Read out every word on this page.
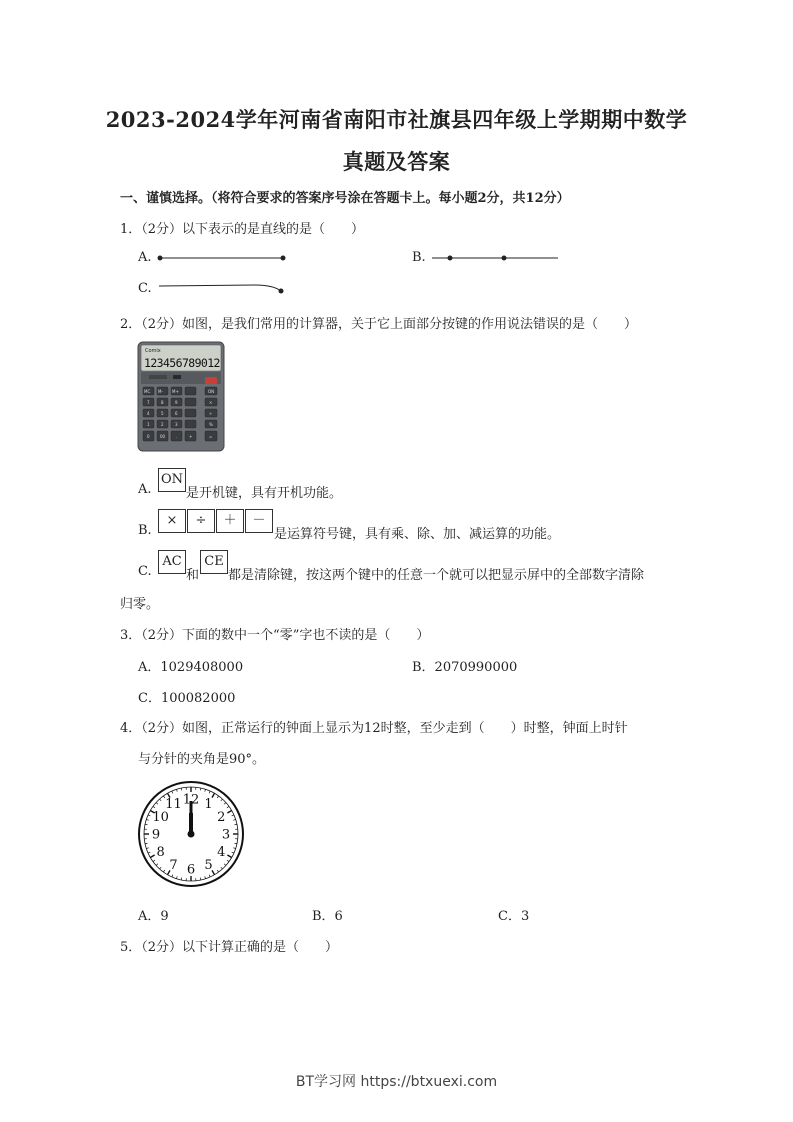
2023-2024学年河南省南阳市社旗县四年级上学期期中数学
真题及答案
一、谨慎选择。（将符合要求的答案序号涂在答题卡上。每小题2分，共12分）
1．（2分）以下表示的是直线的是（　　）
A.	B.
C.
2．（2分）如图，是我们常用的计算器，关于它上面部分按键的作用说法错误的是（　　）
Comix
123456789012
MC M- M+	ON
7	8	9	×
4	5	6	÷
1	2	3	%
0	00	.	+	=
A.
ON
是开机键，具有开机功能。
B.
×	÷	＋	－
是运算符号键，具有乘、除、加、减运算的功能。
C.
AC
和
CE
都是清除键，按这两个键中的任意一个就可以把显示屏中的全部数字清除
归零。
3．（2分）下面的数中一个“零”字也不读的是（　　）
A．1029408000	B．2070990000
C．100082000
4．（2分）如图，正常运行的钟面上显示为12时整，至少走到（　　）时整，钟面上时针
与分针的夹角是90°。
12 1
2
3
4
5
6
7
8
9
10
11
A．9	B．6	C．3
5．（2分）以下计算正确的是（　　）
BT学习网 https://btxuexi.com
